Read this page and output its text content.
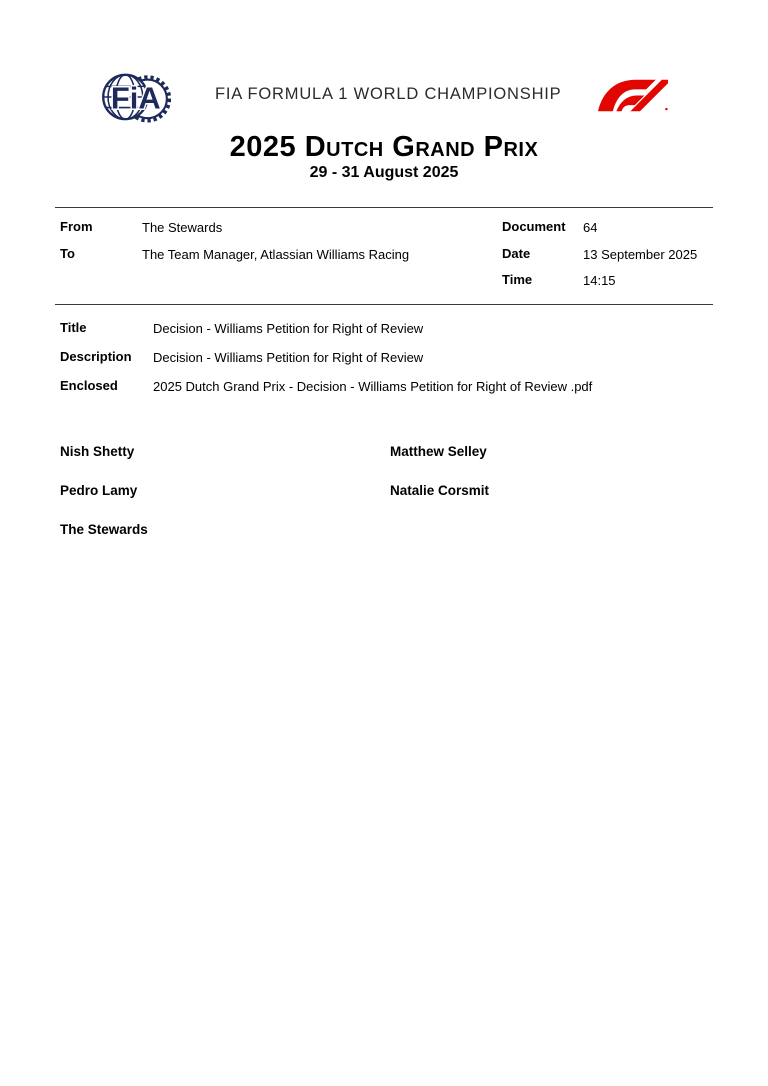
FiA	FIA FORMULA 1 WORLD CHAMPIONSHIP
2025 Dutch Grand Prix
29 - 31 August 2025
From	The Stewards
To	The Team Manager, Atlassian Williams Racing
Document 64
Date	13 September 2025
Time	14:15
Title	Decision - Williams Petition for Right of Review
Description Decision - Williams Petition for Right of Review
Enclosed	2025 Dutch Grand Prix - Decision - Williams Petition for Right of Review .pdf
Nish Shetty	Matthew Selley
Pedro Lamy	Natalie Corsmit
The Stewards
